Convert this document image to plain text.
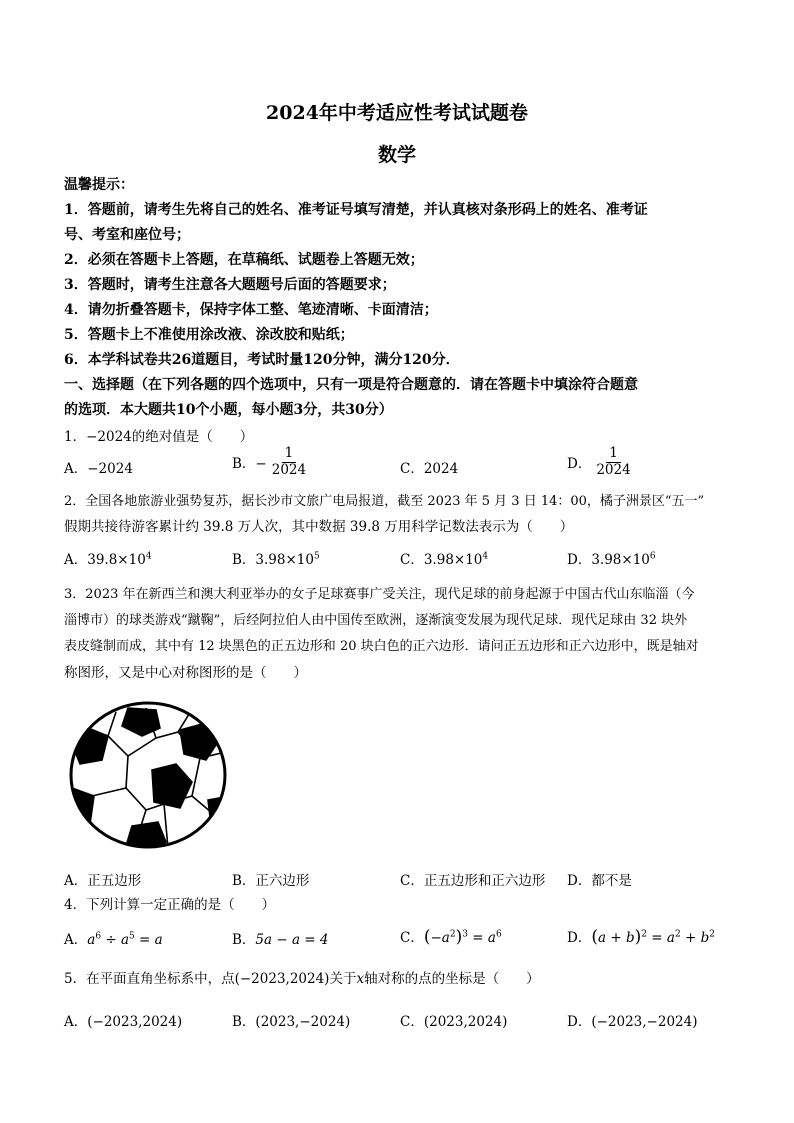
2024年中考适应性考试试题卷
数学
温馨提示：
1．答题前，请考生先将自己的姓名、准考证号填写清楚，并认真核对条形码上的姓名、准考证
号、考室和座位号；
2．必须在答题卡上答题，在草稿纸、试题卷上答题无效；
3．答题时，请考生注意各大题题号后面的答题要求；
4．请勿折叠答题卡，保持字体工整、笔迹清晰、卡面清洁；
5．答题卡上不准使用涂改液、涂改胶和贴纸；
6．本学科试卷共26道题目，考试时量120分钟，满分120分．
一、选择题（在下列各题的四个选项中，只有一项是符合题意的．请在答题卡中填涂符合题意
的选项．本大题共10个小题，每小题3分，共30分）
1．−2024的绝对值是（　　）
A．−2024	B．− $\frac{1}{2024}$	C．2024	D． $\frac{1}{2024}$
2．全国各地旅游业强势复苏，据长沙市文旅广电局报道，截至 2023 年 5 月 3 日 14：00，橘子洲景区“五一”
假期共接待游客累计约 39.8 万人次，其中数据 39.8 万用科学记数法表示为（　　）
A．$39.8\times 10^4$	B．$3.98\times 10^5$	C．$3.98\times 10^4$	D．$3.98\times 10^6$
3．2023 年在新西兰和澳大利亚举办的女子足球赛事广受关注，现代足球的前身起源于中国古代山东临淄（今
淄博市）的球类游戏“蹴鞠”，后经阿拉伯人由中国传至欧洲，逐渐演变发展为现代足球．现代足球由 32 块外
表皮缝制而成，其中有 12 块黑色的正五边形和 20 块白色的正六边形．请问正五边形和正六边形中，既是轴对
称图形，又是中心对称图形的是（　　）
A．正五边形	B．正六边形	C．正五边形和正六边形 D．都不是
4．下列计算一定正确的是（　　）
A．$a^6 \div a^5 = a$	B．5a − a = 4	C．$(-a^2)^3 = a^6$	D．$(a + b)^2 = a^2 + b^2$
5．在平面直角坐标系中，点(−2023,2024)关于x轴对称的点的坐标是（　　）
A．(−2023,2024)	B．(2023,−2024)	C．(2023,2024)	D．(−2023,−2024)
